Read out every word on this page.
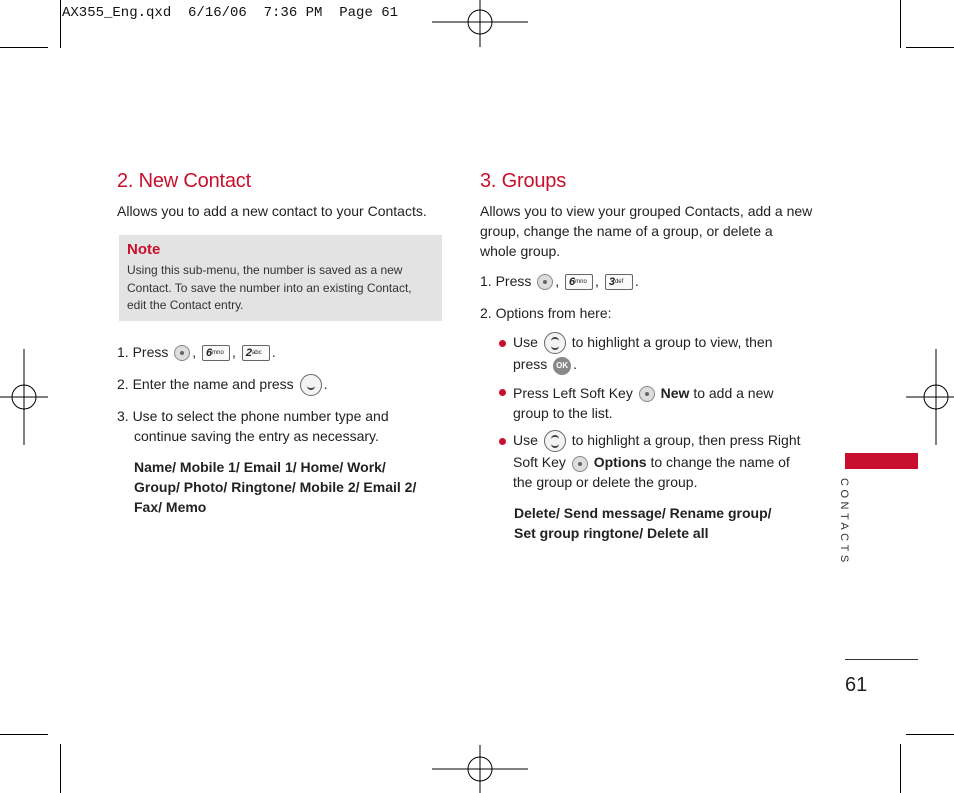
AX355_Eng.qxd  6/16/06  7:36 PM  Page 61
2. New Contact
Allows you to add a new contact to your Contacts.
Note
Using this sub-menu, the number is saved as a new
Contact. To save the number into an existing Contact,
edit the Contact entry.
1. Press , $6^{mno}$ , $2^{abc}$ .
2. Enter the name and press .
3. Use to select the phone number type and
continue saving the entry as necessary.
Name/ Mobile 1/ Email 1/ Home/ Work/
Group/ Photo/ Ringtone/ Mobile 2/ Email 2/
Fax/ Memo
3. Groups
Allows you to view your grouped Contacts, add a new
group, change the name of a group, or delete a
whole group.
1. Press , $6^{mno}$ , $3^{def}$ .
2. Options from here:
Use to highlight a group to view, then
press OK .
Press Left Soft Key New to add a new
group to the list.
Use to highlight a group, then press Right
Soft Key Options to change the name of
the group or delete the group.
Delete/ Send message/ Rename group/
Set group ringtone/ Delete all	CONTACTS
61
